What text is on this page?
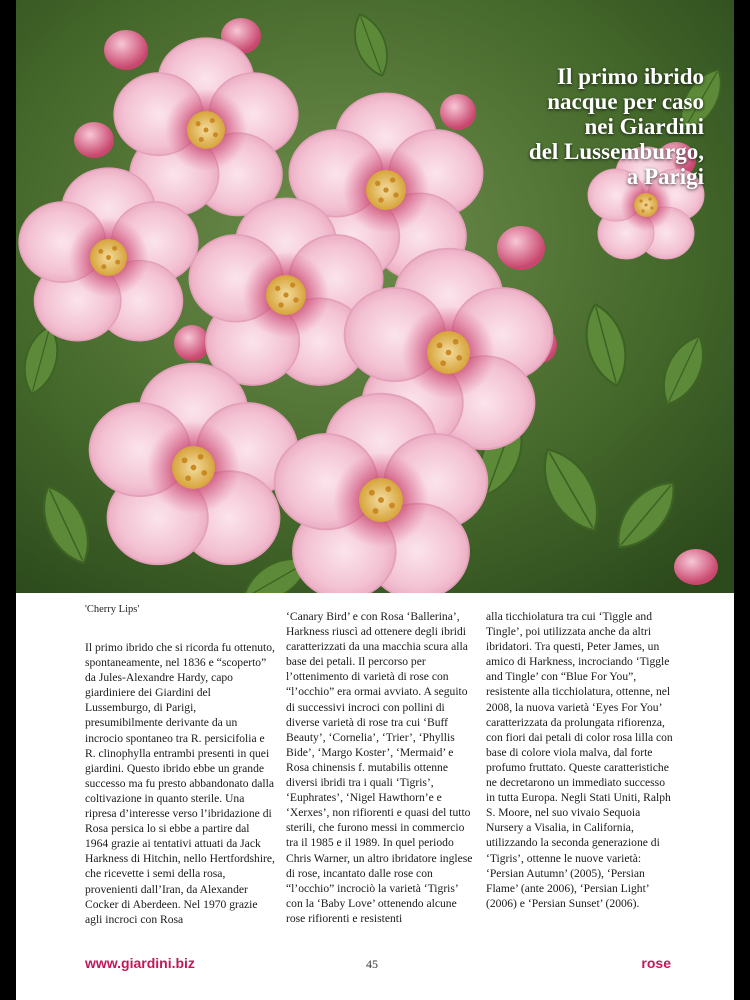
Il primo ibrido
nacque per caso
nei Giardini
del Lussemburgo,
a Parigi
'Cherry Lips'

Il primo ibrido che si ricorda fu ottenuto, spontaneamente, nel 1836 e “scoperto” da Jules-Alexandre Hardy, capo giardiniere dei Giardini del Lussemburgo, di Parigi, presumibilmente derivante da un incrocio spontaneo tra R. persicifolia e R. clinophylla entrambi presenti in quei giardini. Questo ibrido ebbe un grande successo ma fu presto abbandonato dalla coltivazione in quanto sterile. Una ripresa d’interesse verso l’ibridazione di Rosa persica lo si ebbe a partire dal 1964 grazie ai tentativi attuati da Jack Harkness di Hitchin, nello Hertfordshire, che ricevette i semi della rosa, provenienti dall’Iran, da Alexander Cocker di Aberdeen. Nel 1970 grazie agli incroci con Rosa

‘Canary Bird’ e con Rosa ‘Ballerina’, Harkness riuscì ad ottenere degli ibridi caratterizzati da una macchia scura alla base dei petali. Il percorso per l’ottenimento di varietà di rose con “l’occhio” era ormai avviato. A seguito di successivi incroci con pollini di diverse varietà di rose tra cui ‘Buff Beauty’, ‘Cornelia’, ‘Trier’, ‘Phyllis Bide’, ‘Margo Koster’, ‘Mermaid’ e Rosa chinensis f. mutabilis ottenne diversi ibridi tra i quali ‘Tigris’, ‘Euphrates’, ‘Nigel Hawthorn’e e ‘Xerxes’, non rifiorenti e quasi del tutto sterili, che furono messi in commercio tra il 1985 e il 1989. In quel periodo Chris Warner, un altro ibridatore inglese di rose, incantato dalle rose con “l’occhio” incrociò la varietà ‘Tigris’ con la ‘Baby Love’ ottenendo alcune rose rifiorenti e resistenti

alla ticchiolatura tra cui ‘Tiggle and Tingle’, poi utilizzata anche da altri ibridatori. Tra questi, Peter James, un amico di Harkness, incrociando ‘Tiggle and Tingle’ con “Blue For You”, resistente alla ticchiolatura, ottenne, nel 2008, la nuova varietà ‘Eyes For You’ caratterizzata da prolungata rifiorenza, con fiori dai petali di color rosa lilla con base di colore viola malva, dal forte profumo fruttato. Queste caratteristiche ne decretarono un immediato successo in tutta Europa. Negli Stati Uniti, Ralph S. Moore, nel suo vivaio Sequoia Nursery a Visalia, in California, utilizzando la seconda generazione di ‘Tigris’, ottenne le nuove varietà: ‘Persian Autumn’ (2005), ‘Persian Flame’ (ante 2006), ‘Persian Light’ (2006) e ‘Persian Sunset’ (2006).

www.giardini.biz	45	rose
